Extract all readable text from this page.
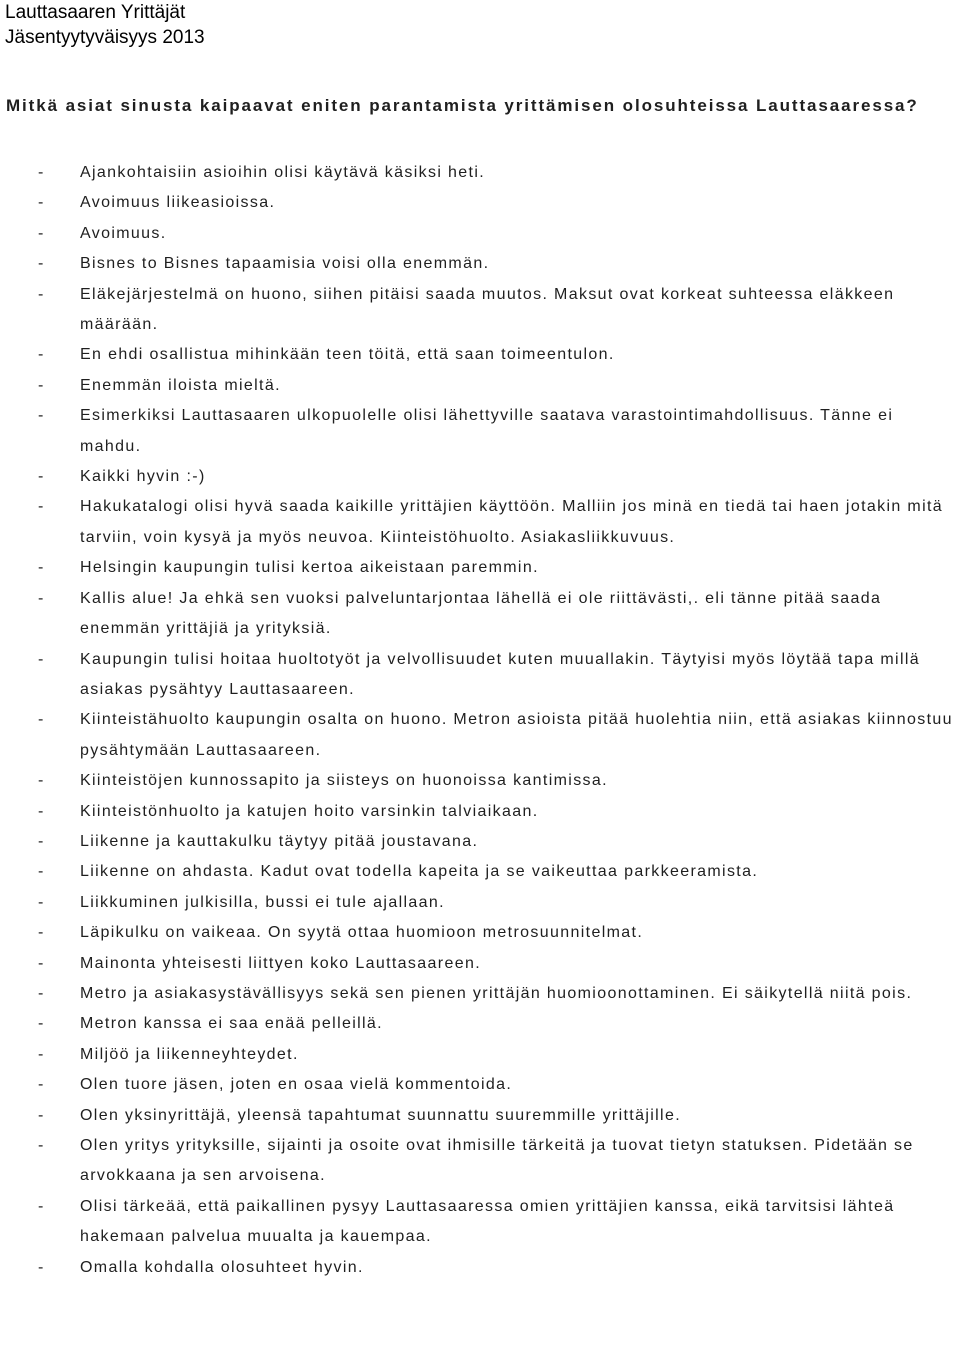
Lauttasaaren Yrittäjät
Jäsentyytyväisyys 2013
Mitkä asiat sinusta kaipaavat eniten parantamista yrittämisen olosuhteissa Lauttasaaressa?
- Ajankohtaisiin asioihin olisi käytävä käsiksi heti.
- Avoimuus liikeasioissa.
- Avoimuus.
- Bisnes to Bisnes tapaamisia voisi olla enemmän.
- Eläkejärjestelmä on huono, siihen pitäisi saada muutos. Maksut ovat korkeat suhteessa eläkkeen määrään.
- En ehdi osallistua mihinkään teen töitä, että saan toimeentulon.
- Enemmän iloista mieltä.
- Esimerkiksi Lauttasaaren ulkopuolelle olisi lähettyville saatava varastointimahdollisuus. Tänne ei mahdu.
- Kaikki hyvin :-)
- Hakukatalogi olisi hyvä saada kaikille yrittäjien käyttöön. Malliin jos minä en tiedä tai haen jotakin mitä tarviin, voin kysyä ja myös neuvoa. Kiinteistöhuolto. Asiakasliikkuvuus.
- Helsingin kaupungin tulisi kertoa aikeistaan paremmin.
- Kallis alue! Ja ehkä sen vuoksi palveluntarjontaa lähellä ei ole riittävästi,. eli tänne pitää saada enemmän yrittäjiä ja yrityksiä.
- Kaupungin tulisi hoitaa huoltotyöt ja velvollisuudet kuten muuallakin. Täytyisi myös löytää tapa millä asiakas pysähtyy Lauttasaareen.
- Kiinteistähuolto kaupungin osalta on huono. Metron asioista pitää huolehtia niin, että asiakas kiinnostuu pysähtymään Lauttasaareen.
- Kiinteistöjen kunnossapito ja siisteys on huonoissa kantimissa.
- Kiinteistönhuolto ja katujen hoito varsinkin talviaikaan.
- Liikenne ja kauttakulku täytyy pitää joustavana.
- Liikenne on ahdasta. Kadut ovat todella kapeita ja se vaikeuttaa parkkeeramista.
- Liikkuminen julkisilla, bussi ei tule ajallaan.
- Läpikulku on vaikeaa. On syytä ottaa huomioon metrosuunnitelmat.
- Mainonta yhteisesti liittyen koko Lauttasaareen.
- Metro ja asiakasystävällisyys sekä sen pienen yrittäjän huomioonottaminen. Ei säikytellä niitä pois.
- Metron kanssa ei saa enää pelleillä.
- Miljöö ja liikenneyhteydet.
- Olen tuore jäsen, joten en osaa vielä kommentoida.
- Olen yksinyrittäjä, yleensä tapahtumat suunnattu suuremmille yrittäjille.
- Olen yritys yrityksille, sijainti ja osoite ovat ihmisille tärkeitä ja tuovat tietyn statuksen. Pidetään se arvokkaana ja sen arvoisena.
- Olisi tärkeää, että paikallinen pysyy Lauttasaaressa omien yrittäjien kanssa, eikä tarvitsisi lähteä hakemaan palvelua muualta ja kauempaa.
- Omalla kohdalla olosuhteet hyvin.
